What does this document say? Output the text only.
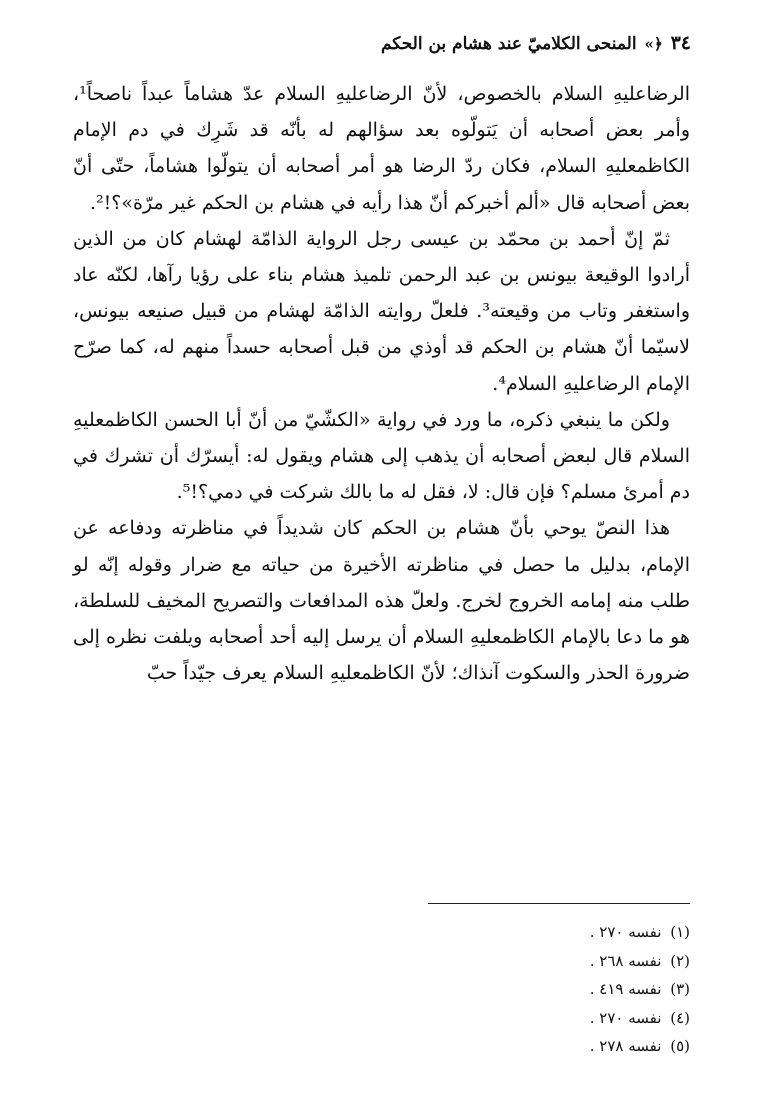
٣٤ ﴿» المنحى الكلاميّ عند هشام بن الحكم

الرضاعليهِ السلام بالخصوص، لأنّ الرضاعليهِ السلام عدّ هشاماً عبداً ناصحاً¹، وأمر بعض أصحابه أن يَتولّوه بعد سؤالهم له بأنّه قد شَرِك في دم الإمام الكاظمعليهِ السلام، فكان ردّ الرضا هو أمر أصحابه أن يتولّوا هشاماً، حتّى أنّ بعض أصحابه قال «ألم أخبركم أنّ هذا رأيه في هشام بن الحكم غير مرّة»؟!².

ثمّ إنّ أحمد بن محمّد بن عيسى رجل الرواية الذامّة لهشام كان من الذين أرادوا الوقيعة بيونس بن عبد الرحمن تلميذ هشام بناء على رؤيا رآها، لكنّه عاد واستغفر وتاب من وقيعته³. فلعلّ روايته الذامّة لهشام من قبيل صنيعه بيونس، لاسيّما أنّ هشام بن الحكم قد أوذي من قبل أصحابه حسداً منهم له، كما صرّح الإمام الرضاعليهِ السلام⁴.

ولكن ما ينبغي ذكره، ما ورد في رواية «الكشّيّ من أنّ أبا الحسن الكاظمعليهِ السلام قال لبعض أصحابه أن يذهب إلى هشام ويقول له: أيسرّك أن تشرك في دم أمرئ مسلم؟ فإن قال: لا، فقل له ما بالك شركت في دمي؟!⁵.

هذا النصّ يوحي بأنّ هشام بن الحكم كان شديداً في مناظرته ودفاعه عن الإمام، بدليل ما حصل في مناظرته الأخيرة من حياته مع ضرار وقوله إنّه لو طلب منه إمامه الخروج لخرج. ولعلّ هذه المدافعات والتصريح المخيف للسلطة، هو ما دعا بالإمام الكاظمعليهِ السلام أن يرسل إليه أحد أصحابه ويلفت نظره إلى ضرورة الحذر والسكوت آنذاك؛ لأنّ الكاظمعليهِ السلام يعرف جيّداً حبّ

(١) نفسه ٢٧٠ .
(٢) نفسه ٢٦٨ .
(٣) نفسه ٤١٩ .
(٤) نفسه ٢٧٠ .
(٥) نفسه ٢٧٨ .
